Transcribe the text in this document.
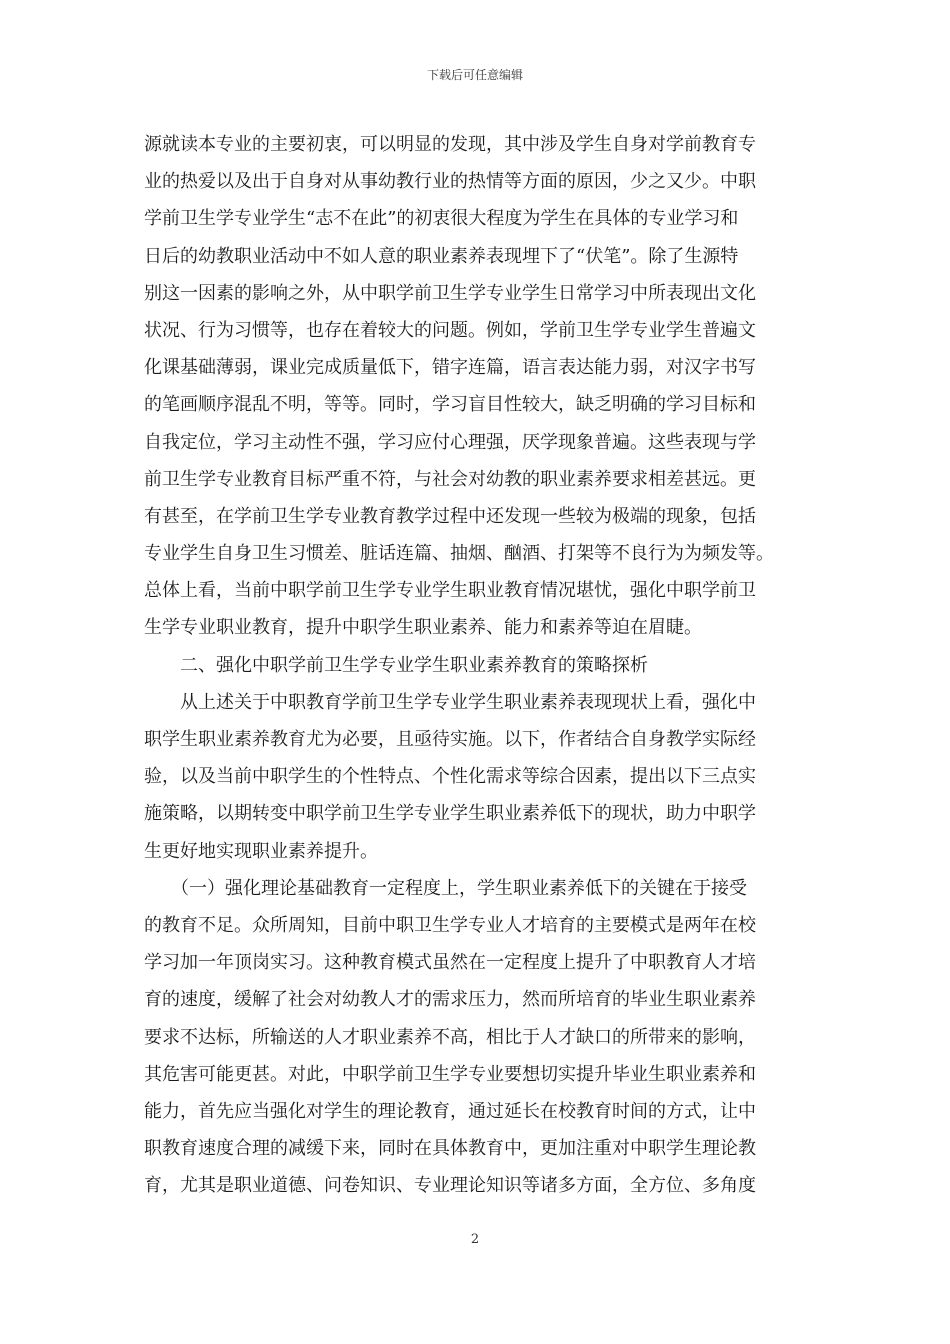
下载后可任意编辑
源就读本专业的主要初衷，可以明显的发现，其中涉及学生自身对学前教育专
业的热爱以及出于自身对从事幼教行业的热情等方面的原因，少之又少。中职
学前卫生学专业学生“志不在此”的初衷很大程度为学生在具体的专业学习和
日后的幼教职业活动中不如人意的职业素养表现埋下了“伏笔”。除了生源特
别这一因素的影响之外，从中职学前卫生学专业学生日常学习中所表现出文化
状况、行为习惯等，也存在着较大的问题。例如，学前卫生学专业学生普遍文
化课基础薄弱，课业完成质量低下，错字连篇，语言表达能力弱，对汉字书写
的笔画顺序混乱不明，等等。同时，学习盲目性较大，缺乏明确的学习目标和
自我定位，学习主动性不强，学习应付心理强，厌学现象普遍。这些表现与学
前卫生学专业教育目标严重不符，与社会对幼教的职业素养要求相差甚远。更
有甚至，在学前卫生学专业教育教学过程中还发现一些较为极端的现象，包括
专业学生自身卫生习惯差、脏话连篇、抽烟、酗酒、打架等不良行为为频发等。
总体上看，当前中职学前卫生学专业学生职业教育情况堪忧，强化中职学前卫
生学专业职业教育，提升中职学生职业素养、能力和素养等迫在眉睫。
　　二、强化中职学前卫生学专业学生职业素养教育的策略探析
　　从上述关于中职教育学前卫生学专业学生职业素养表现现状上看，强化中
职学生职业素养教育尤为必要，且亟待实施。以下，作者结合自身教学实际经
验，以及当前中职学生的个性特点、个性化需求等综合因素，提出以下三点实
施策略，以期转变中职学前卫生学专业学生职业素养低下的现状，助力中职学
生更好地实现职业素养提升。
　　（一）强化理论基础教育一定程度上，学生职业素养低下的关键在于接受
的教育不足。众所周知，目前中职卫生学专业人才培育的主要模式是两年在校
学习加一年顶岗实习。这种教育模式虽然在一定程度上提升了中职教育人才培
育的速度，缓解了社会对幼教人才的需求压力，然而所培育的毕业生职业素养
要求不达标，所输送的人才职业素养不高，相比于人才缺口的所带来的影响，
其危害可能更甚。对此，中职学前卫生学专业要想切实提升毕业生职业素养和
能力，首先应当强化对学生的理论教育，通过延长在校教育时间的方式，让中
职教育速度合理的减缓下来，同时在具体教育中，更加注重对中职学生理论教
育，尤其是职业道德、问卷知识、专业理论知识等诸多方面，全方位、多角度
2
